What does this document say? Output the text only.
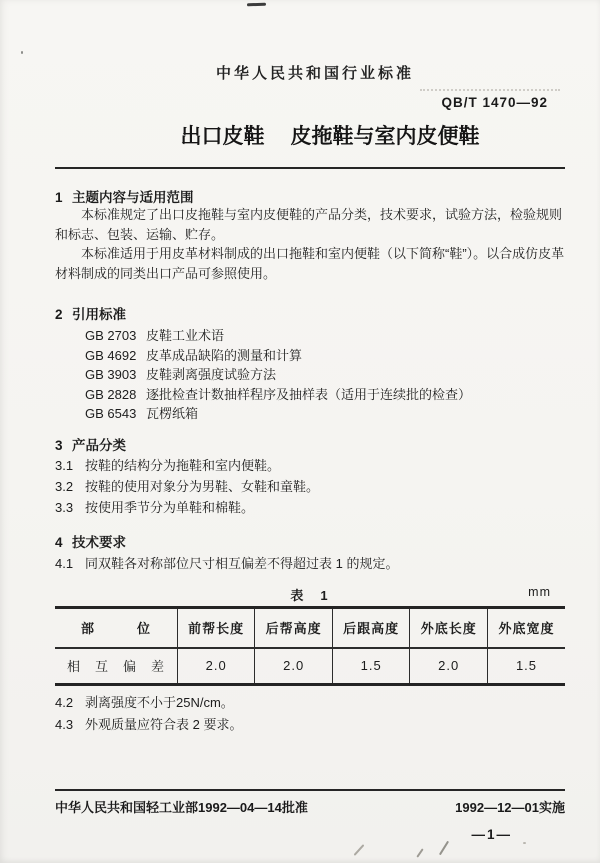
中华人民共和国行业标准
QB/T 1470—92
出口皮鞋 皮拖鞋与室内皮便鞋
1 主题内容与适用范围

本标准规定了出口皮拖鞋与室内皮便鞋的产品分类，技术要求，试验方法，检验规则和标志、包装、运输、贮存。

本标准适用于用皮革材料制成的出口拖鞋和室内便鞋（以下简称“鞋”）。以合成仿皮革材料制成的同类出口产品可参照使用。

2 引用标准
GB 2703 皮鞋工业术语
GB 4692 皮革成品缺陷的测量和计算
GB 3903 皮鞋剥离强度试验方法
GB 2828 逐批检查计数抽样程序及抽样表（适用于连续批的检查）
GB 6543 瓦楞纸箱
3 产品分类
3.1 按鞋的结构分为拖鞋和室内便鞋。
3.2 按鞋的使用对象分为男鞋、女鞋和童鞋。
3.3 按使用季节分为单鞋和棉鞋。
4 技术要求
4.1 同双鞋各对称部位尺寸相互偏差不得超过表 1 的规定。
表　1	mm
部　　　位	前帮长度	后帮高度	后跟高度	外底长度	外底宽度
相　互　偏　差	2.0	2.0	1.5	2.0	1.5
4.2 剥离强度不小于25N/cm。
4.3 外观质量应符合表 2 要求。
中华人民共和国轻工业部1992—04—14批准	1992—12—01实施
—1—
